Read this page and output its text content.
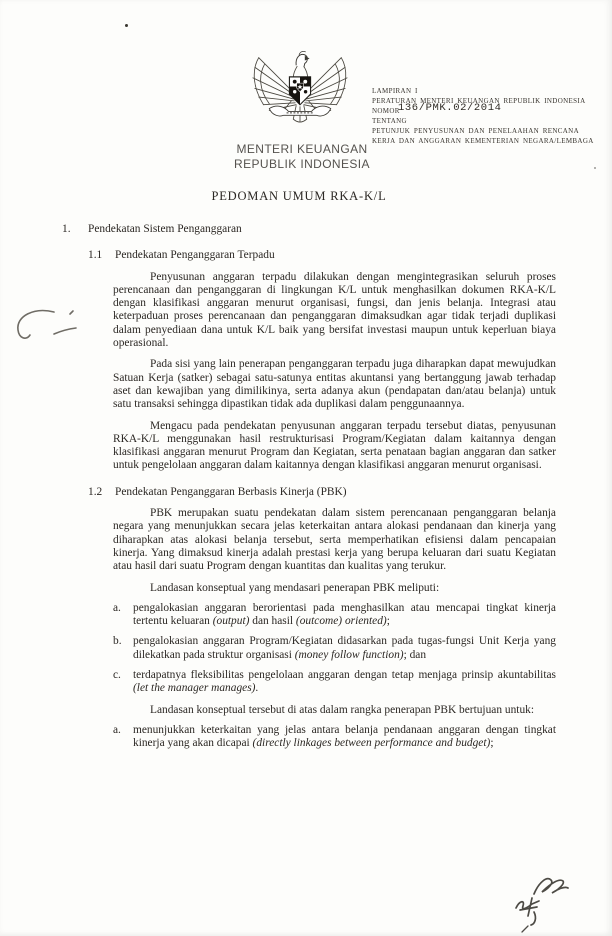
MENTERI KEUANGAN
REPUBLIK INDONESIA
LAMPIRAN I
PERATURAN MENTERI KEUANGAN REPUBLIK INDONESIA
NOMOR
136/PMK.02/2014
TENTANG
PETUNJUK PENYUSUNAN DAN PENELAAHAN RENCANA
KERJA DAN ANGGARAN KEMENTERIAN NEGARA/LEMBAGA
PEDOMAN UMUM RKA-K/L
1.	Pendekatan Sistem Penganggaran
1.1	Pendekatan Penganggaran Terpadu

Penyusunan anggaran terpadu dilakukan dengan mengintegrasikan seluruh proses perencanaan dan penganggaran di lingkungan K/L untuk menghasilkan dokumen RKA-K/L dengan klasifikasi anggaran menurut organisasi, fungsi, dan jenis belanja. Integrasi atau keterpaduan proses perencanaan dan penganggaran dimaksudkan agar tidak terjadi duplikasi dalam penyediaan dana untuk K/L baik yang bersifat investasi maupun untuk keperluan biaya operasional.

Pada sisi yang lain penerapan penganggaran terpadu juga diharapkan dapat mewujudkan Satuan Kerja (satker) sebagai satu-satunya entitas akuntansi yang bertanggung jawab terhadap aset dan kewajiban yang dimilikinya, serta adanya akun (pendapatan dan/atau belanja) untuk satu transaksi sehingga dipastikan tidak ada duplikasi dalam penggunaannya.

Mengacu pada pendekatan penyusunan anggaran terpadu tersebut diatas, penyusunan RKA-K/L menggunakan hasil restrukturisasi Program/Kegiatan dalam kaitannya dengan klasifikasi anggaran menurut Program dan Kegiatan, serta penataan bagian anggaran dan satker untuk pengelolaan anggaran dalam kaitannya dengan klasifikasi anggaran menurut organisasi.

1.2	Pendekatan Penganggaran Berbasis Kinerja (PBK)

PBK merupakan suatu pendekatan dalam sistem perencanaan penganggaran belanja negara yang menunjukkan secara jelas keterkaitan antara alokasi pendanaan dan kinerja yang diharapkan atas alokasi belanja tersebut, serta memperhatikan efisiensi dalam pencapaian kinerja. Yang dimaksud kinerja adalah prestasi kerja yang berupa keluaran dari suatu Kegiatan atau hasil dari suatu Program dengan kuantitas dan kualitas yang terukur.

Landasan konseptual yang mendasari penerapan PBK meliputi:

a.	pengalokasian anggaran berorientasi pada menghasilkan atau mencapai tingkat kinerja tertentu keluaran (output) dan hasil (outcome) oriented);
b.	pengalokasian anggaran Program/Kegiatan didasarkan pada tugas-fungsi Unit Kerja yang dilekatkan pada struktur organisasi (money follow function); dan
c.	terdapatnya fleksibilitas pengelolaan anggaran dengan tetap menjaga prinsip akuntabilitas (let the manager manages).

Landasan konseptual tersebut di atas dalam rangka penerapan PBK bertujuan untuk:

a.	menunjukkan keterkaitan yang jelas antara belanja pendanaan anggaran dengan tingkat kinerja yang akan dicapai (directly linkages between performance and budget);
